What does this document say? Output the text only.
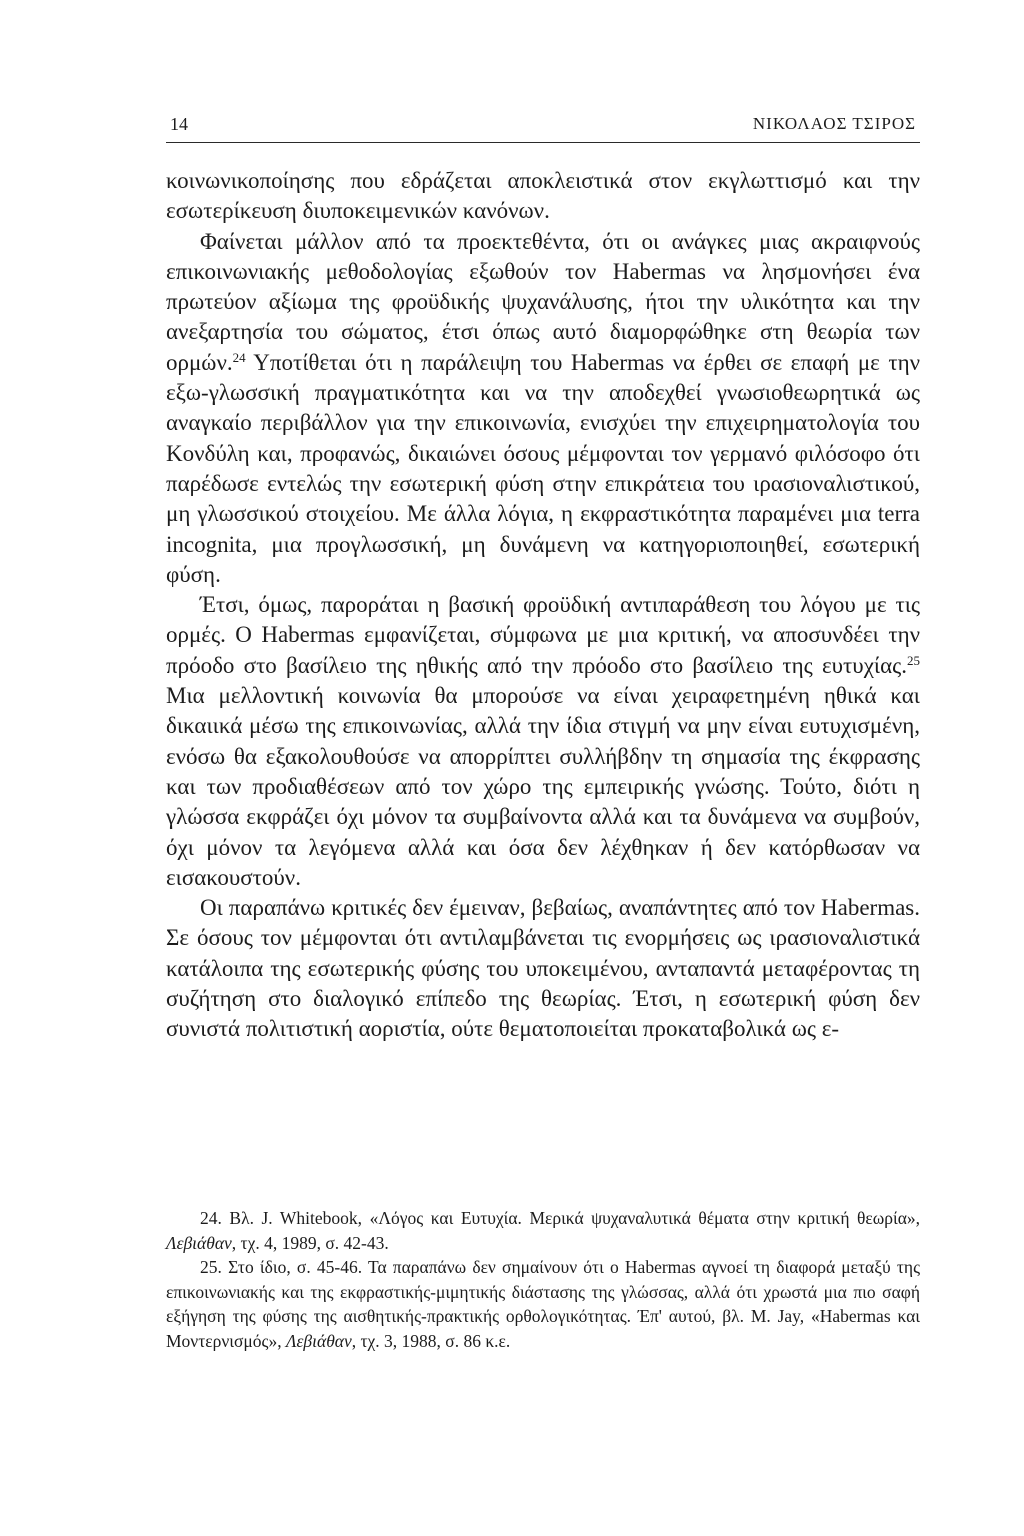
14	ΝΙΚΟΛΑΟΣ ΤΣΙΡΟΣ

κοινωνικοποίησης που εδράζεται αποκλειστικά στον εκγλωττισμό και την εσωτερίκευση διυποκειμενικών κανόνων.

Φαίνεται μάλλον από τα προεκτεθέντα, ότι οι ανάγκες μιας ακραιφνούς επικοινωνιακής μεθοδολογίας εξωθούν τον Habermas να λησμονήσει ένα πρωτεύον αξίωμα της φροϋδικής ψυχανάλυσης, ήτοι την υλικότητα και την ανεξαρτησία του σώματος, έτσι όπως αυτό διαμορφώθηκε στη θεωρία των ορμών.$^{24}$ Υποτίθεται ότι η παράλειψη του Habermas να έρθει σε επαφή με την εξω-γλωσσική πραγματικότητα και να την αποδεχθεί γνωσιοθεωρητικά ως αναγκαίο περιβάλλον για την επικοινωνία, ενισχύει την επιχειρηματολογία του Κονδύλη και, προφανώς, δικαιώνει όσους μέμφονται τον γερμανό φιλόσοφο ότι παρέδωσε εντελώς την εσωτερική φύση στην επικράτεια του ιρασιοναλιστικού, μη γλωσσικού στοιχείου. Με άλλα λόγια, η εκφραστικότητα παραμένει μια terra incognita, μια προγλωσσική, μη δυνάμενη να κατηγοριοποιηθεί, εσωτερική φύση.

Έτσι, όμως, παροράται η βασική φροϋδική αντιπαράθεση του λόγου με τις ορμές. Ο Habermas εμφανίζεται, σύμφωνα με μια κριτική, να αποσυνδέει την πρόοδο στο βασίλειο της ηθικής από την πρόοδο στο βασίλειο της ευτυχίας.$^{25}$ Μια μελλοντική κοινωνία θα μπορούσε να είναι χειραφετημένη ηθικά και δικαιικά μέσω της επικοινωνίας, αλλά την ίδια στιγμή να μην είναι ευτυχισμένη, ενόσω θα εξακολουθούσε να απορρίπτει συλλήβδην τη σημασία της έκφρασης και των προδιαθέσεων από τον χώρο της εμπειρικής γνώσης. Τούτο, διότι η γλώσσα εκφράζει όχι μόνον τα συμβαίνοντα αλλά και τα δυνάμενα να συμβούν, όχι μόνον τα λεγόμενα αλλά και όσα δεν λέχθηκαν ή δεν κατόρθωσαν να εισακουστούν.

Οι παραπάνω κριτικές δεν έμειναν, βεβαίως, αναπάντητες από τον Habermas. Σε όσους τον μέμφονται ότι αντιλαμβάνεται τις ενορμήσεις ως ιρασιοναλιστικά κατάλοιπα της εσωτερικής φύσης του υποκειμένου, ανταπαντά μεταφέροντας τη συζήτηση στο διαλογικό επίπεδο της θεωρίας. Έτσι, η εσωτερική φύση δεν συνιστά πολιτιστική αοριστία, ούτε θεματοποιείται προκαταβολικά ως ε-

24. Βλ. J. Whitebook, «Λόγος και Ευτυχία. Μερικά ψυχαναλυτικά θέματα στην κριτική θεωρία», Λεβιάθαν, τχ. 4, 1989, σ. 42-43.

25. Στο ίδιο, σ. 45-46. Τα παραπάνω δεν σημαίνουν ότι ο Habermas αγνοεί τη διαφορά μεταξύ της επικοινωνιακής και της εκφραστικής-μιμητικής διάστασης της γλώσσας, αλλά ότι χρωστά μια πιο σαφή εξήγηση της φύσης της αισθητικής-πρακτικής ορθολογικότητας. Έπ' αυτού, βλ. M. Jay, «Habermas και Μοντερνισμός», Λεβιάθαν, τχ. 3, 1988, σ. 86 κ.ε.
